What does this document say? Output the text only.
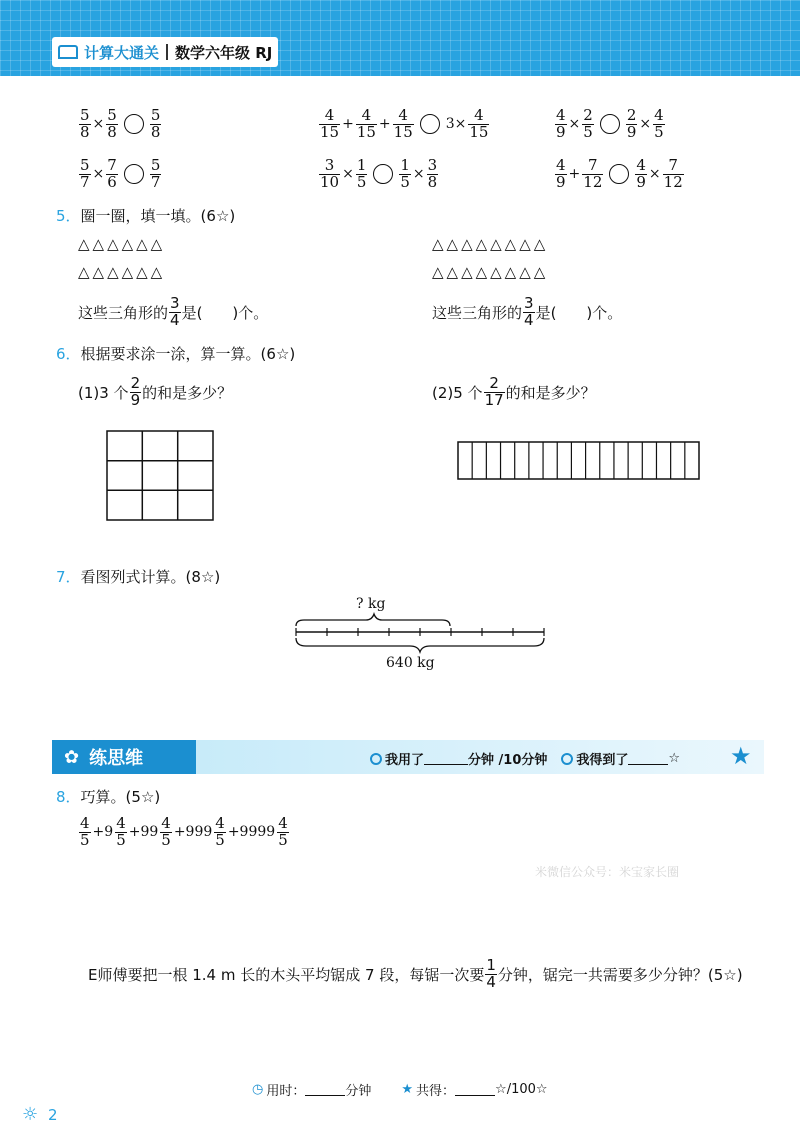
计算大通关 数学六年级 RJ
$\frac{5}{8} \times \frac{5}{8} \frac{5}{8}$	$\frac{4}{15} + \frac{4}{15} + \frac{4}{15} 3\times \frac{4}{15}$	$\frac{4}{9} \times \frac{2}{5} \frac{2}{9} \times \frac{4}{5}$
$\frac{5}{7} \times \frac{7}{6} \frac{5}{7}$	$\frac{3}{10} \times \frac{1}{5} \frac{1}{5} \times \frac{3}{8}$	$\frac{4}{9} + \frac{7}{12} \frac{4}{9} \times \frac{7}{12}$
5．圈一圈，填一填。(6☆)
△△△△△△
△△△△△△
△△△△△△△△
△△△△△△△△
这些三角形的 $\frac{3}{4}$ 是(　　)个。	这些三角形的 $\frac{3}{4}$ 是(　　)个。
6．根据要求涂一涂，算一算。(6☆)
(1)3 个 $\frac{2}{9}$ 的和是多少？	(2)5 个 $\frac{2}{17}$ 的和是多少？
7．看图列式计算。(8☆)
? kg
640 kg
✿ 练思维	我用了	分钟 /10分钟 我得到了	☆ ★
8．巧算。(5☆)
$\frac{4}{5} +9 \frac{4}{5} +99 \frac{4}{5} +999 \frac{4}{5} +9999 \frac{4}{5}$
米微信公众号：米宝家长圈
E师傅要把一根 1.4 m 长的木头平均锯成 7 段，每锯一次要 $\frac{1}{4}$ 分钟，锯完一共需要多少分钟？(5☆)
◷ 用时：	分钟 ★ 共得：	☆/100☆
☼ 2
